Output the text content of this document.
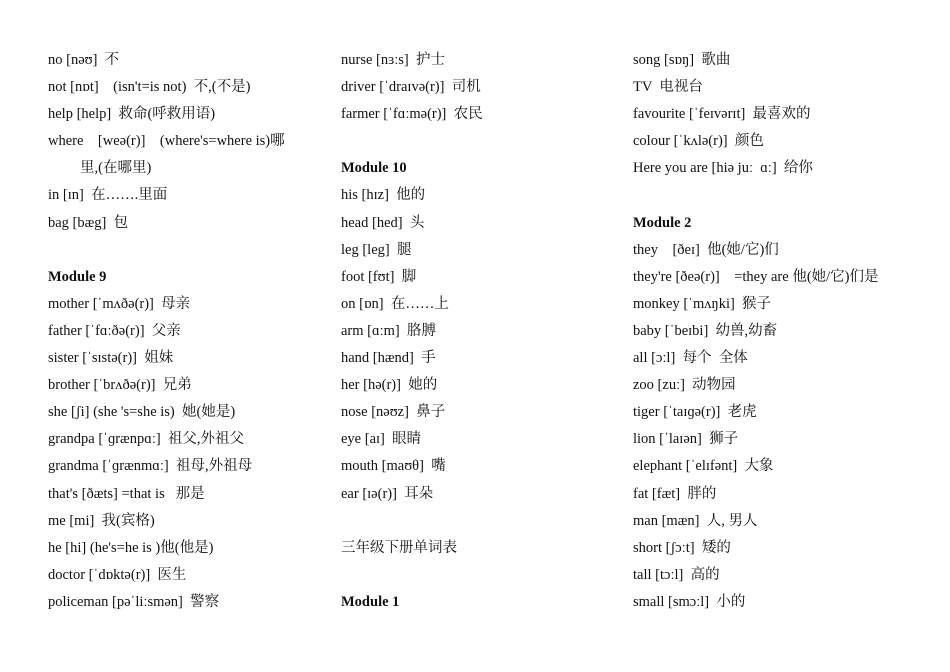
no [nəʊ]  不
not [nɒt]    (isn't=is not)  不,(不是)
help [help]  救命(呼救用语)
where    [weə(r)]    (where's=where is)哪
里,(在哪里)
in [ɪn]  在…….里面
bag [bæg]  包
Module 9
mother [ˈmʌðə(r)]  母亲
father [ˈfɑːðə(r)]  父亲
sister [ˈsɪstə(r)]  姐妹
brother [ˈbrʌðə(r)]  兄弟
she [ʃi] (she 's=she is)  她(她是)
grandpa [ˈɡrænpɑː]  祖父,外祖父
grandma [ˈɡrænmɑː]  祖母,外祖母
that's [ðæts] =that is   那是
me [mi]  我(宾格)
he [hi] (he's=he is )他(他是)
doctor [ˈdɒktə(r)]  医生
policeman [pəˈliːsmən]  警察
nurse [nɜːs]  护士
driver [ˈdraɪvə(r)]  司机
farmer [ˈfɑːmə(r)]  农民
Module 10
his [hɪz]  他的
head [hed]  头
leg [leg]  腿
foot [fʊt]  脚
on [ɒn]  在……上
arm [ɑːm]  胳膊
hand [hænd]  手
her [hə(r)]  她的
nose [nəʊz]  鼻子
eye [aɪ]  眼睛
mouth [maʊθ]  嘴
ear [ɪə(r)]  耳朵
三年级下册单词表
Module 1
song [sɒŋ]  歌曲
TV  电视台
favourite [ˈfeɪvərɪt]  最喜欢的
colour [ˈkʌlə(r)]  颜色
Here you are [hiə juː  ɑː]  给你
Module 2
they    [ðeɪ]  他(她/它)们
they're [ðeə(r)]    =they are 他(她/它)们是
monkey [ˈmʌŋki]  猴子
baby [ˈbeɪbi]  幼兽,幼畜
all [ɔːl]  每个  全体
zoo [zuː]  动物园
tiger [ˈtaɪɡə(r)]  老虎
lion [ˈlaɪən]  狮子
elephant [ˈelɪfənt]  大象
fat [fæt]  胖的
man [mæn]  人, 男人
short [ʃɔːt]  矮的
tall [tɔːl]  高的
small [smɔːl]  小的
